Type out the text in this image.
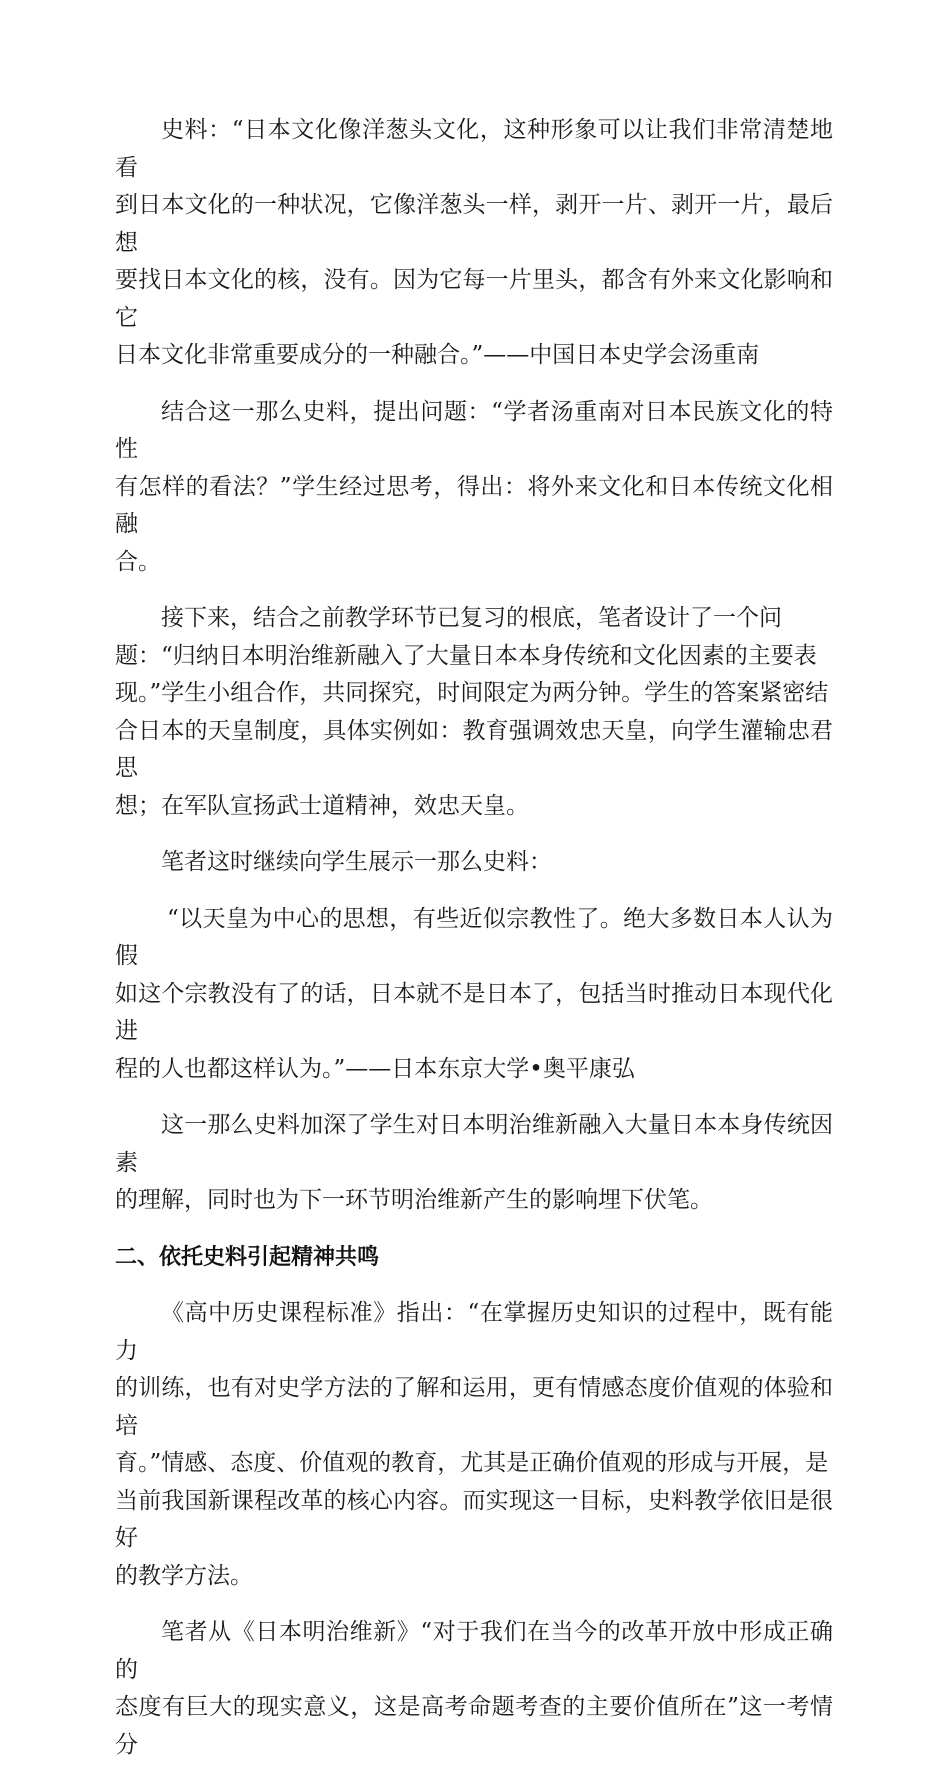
史料：“日本文化像洋葱头文化，这种形象可以让我们非常清楚地看
到日本文化的一种状况，它像洋葱头一样，剥开一片、剥开一片，最后想
要找日本文化的核，没有。因为它每一片里头，都含有外来文化影响和它
日本文化非常重要成分的一种融合。”——中国日本史学会汤重南

结合这一那么史料，提出问题：“学者汤重南对日本民族文化的特性
有怎样的看法？”学生经过思考，得出：将外来文化和日本传统文化相融
合。

接下来，结合之前教学环节已复习的根底，笔者设计了一个问
题：“归纳日本明治维新融入了大量日本本身传统和文化因素的主要表
现。”学生小组合作，共同探究，时间限定为两分钟。学生的答案紧密结
合日本的天皇制度，具体实例如：教育强调效忠天皇，向学生灌输忠君思
想；在军队宣扬武士道精神，效忠天皇。

笔者这时继续向学生展示一那么史料：

“以天皇为中心的思想，有些近似宗教性了。绝大多数日本人认为假
如这个宗教没有了的话，日本就不是日本了，包括当时推动日本现代化进
程的人也都这样认为。”——日本东京大学•奥平康弘

这一那么史料加深了学生对日本明治维新融入大量日本本身传统因素
的理解，同时也为下一环节明治维新产生的影响埋下伏笔。

二、依托史料引起精神共鸣

《高中历史课程标准》指出：“在掌握历史知识的过程中，既有能力
的训练，也有对史学方法的了解和运用，更有情感态度价值观的体验和培
育。”情感、态度、价值观的教育，尤其是正确价值观的形成与开展，是
当前我国新课程改革的核心内容。而实现这一目标，史料教学依旧是很好
的教学方法。

笔者从《日本明治维新》“对于我们在当今的改革开放中形成正确的
态度有巨大的现实意义，这是高考命题考查的主要价值所在”这一考情分
